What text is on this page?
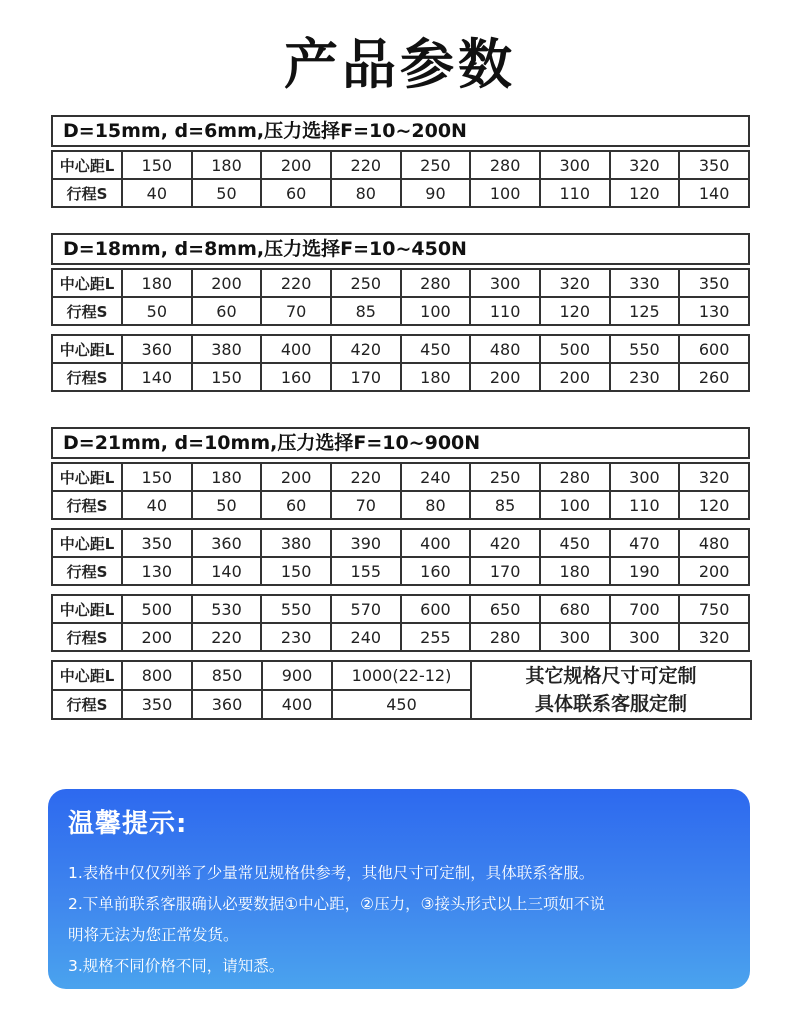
产品参数
D=15mm, d=6mm,压力选择F=10~200N
中心距L	150	180	200	220	250	280	300	320	350
行程S	40	50	60	80	90	100	110	120	140
D=18mm, d=8mm,压力选择F=10~450N
中心距L	180	200	220	250	280	300	320	330	350
行程S	50	60	70	85	100	110	120	125	130
中心距L	360	380	400	420	450	480	500	550	600
行程S	140	150	160	170	180	200	200	230	260
D=21mm, d=10mm,压力选择F=10~900N
中心距L	150	180	200	220	240	250	280	300	320
行程S	40	50	60	70	80	85	100	110	120
中心距L	350	360	380	390	400	420	450	470	480
行程S	130	140	150	155	160	170	180	190	200
中心距L	500	530	550	570	600	650	680	700	750
行程S	200	220	230	240	255	280	300	300	320
中心距L	800	850	900	1000(22-12)	其它规格尺寸可定制
具体联系客服定制

行程S	350	360	400	450	
温馨提示:
1.表格中仅仅列举了少量常见规格供参考，其他尺寸可定制，具体联系客服。
2.下单前联系客服确认必要数据①中心距，②压力，③接头形式以上三项如不说
明将无法为您正常发货。
3.规格不同价格不同，请知悉。
